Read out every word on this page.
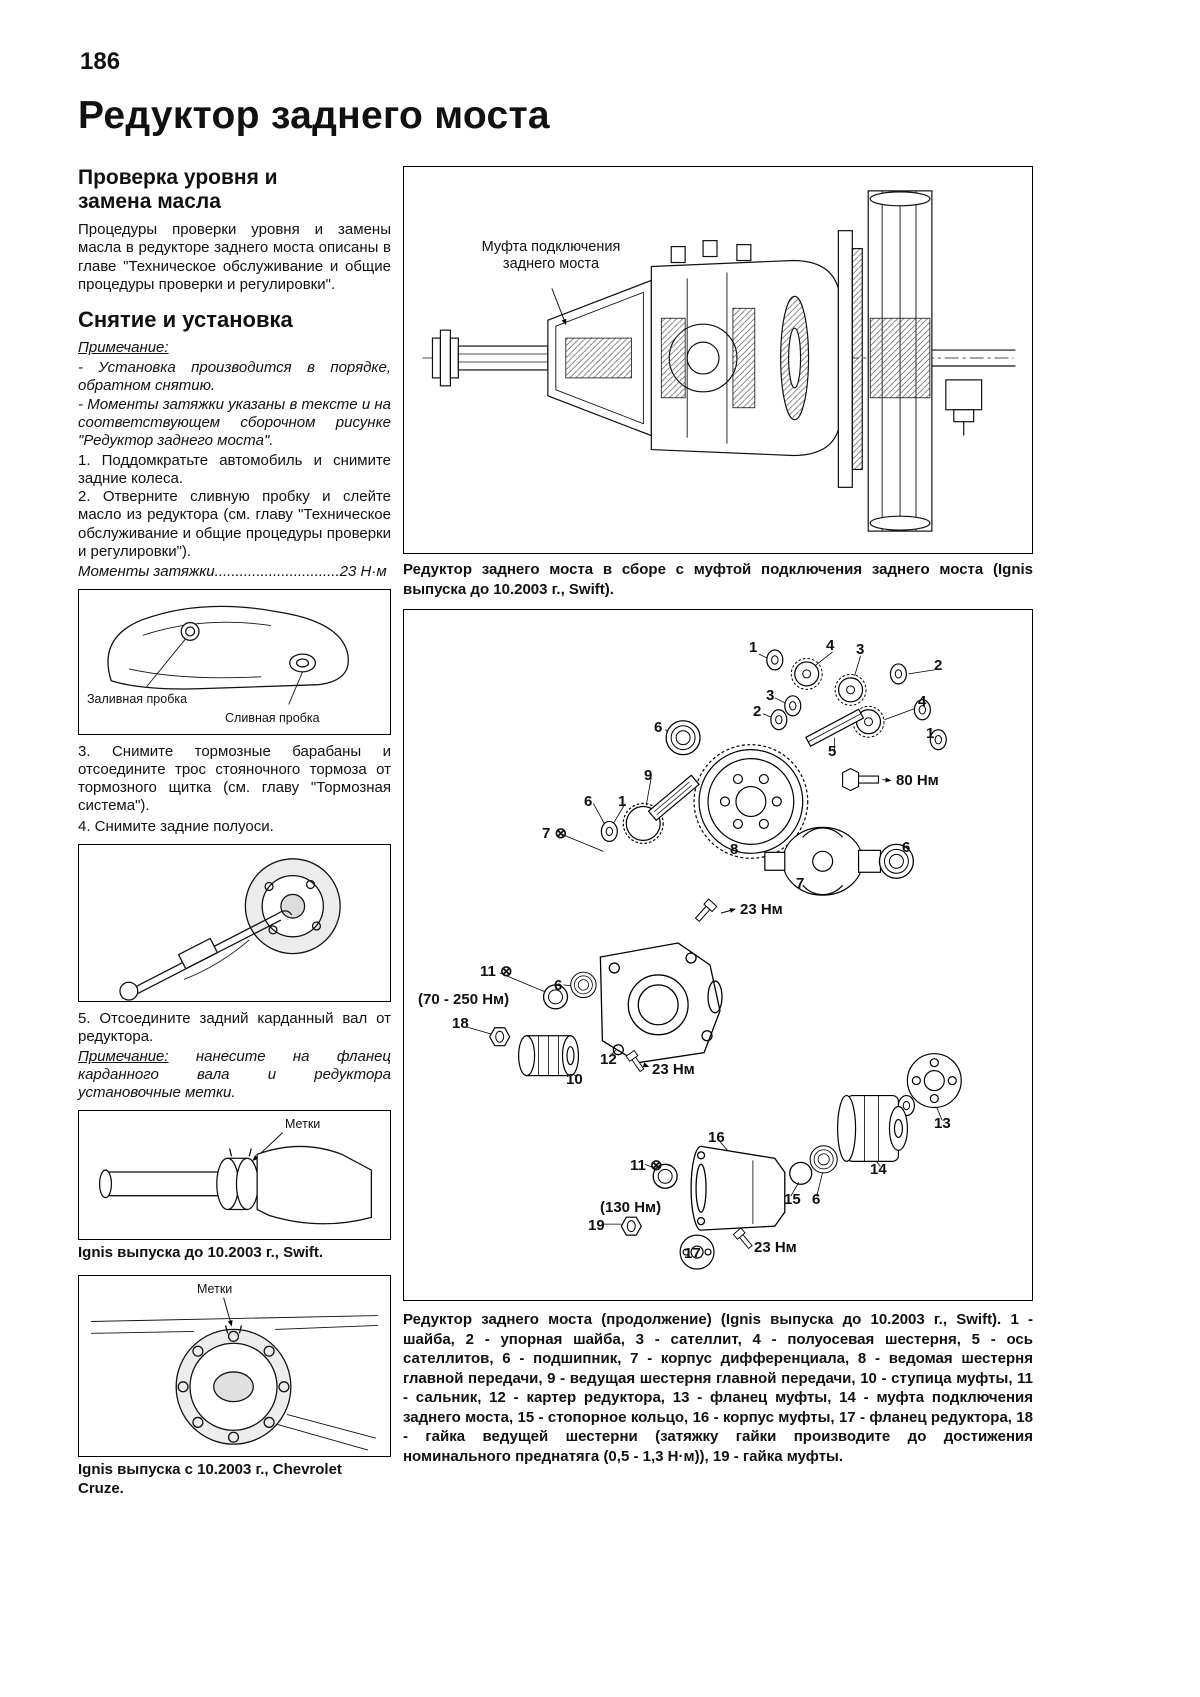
186
Редуктор заднего моста
Проверка уровня и замена масла

Процедуры проверки уровня и замены масла в редукторе заднего моста описаны в главе "Техническое обслуживание и общие процедуры проверки и регулировки".

Снятие и установка

Примечание:

- Установка производится в порядке, обратном снятию.

- Моменты затяжки указаны в тексте и на соответствующем сборочном рисунке "Редуктор заднего моста".

1. Поддомкратьте автомобиль и снимите задние колеса.

2. Отверните сливную пробку и слейте масло из редуктора (см. главу "Техническое обслуживание и общие процедуры проверки и регулировки").

Моменты затяжки..............................23 Н·м

Заливная пробка
Сливная пробка

3. Снимите тормозные барабаны и отсоедините трос стояночного тормоза от тормозного щитка (см. главу "Тормозная система").

4. Снимите задние полуоси.

5. Отсоедините задний карданный вал от редуктора.

Примечание: нанесите на фланец карданного вала и редуктора установочные метки.

Метки

Ignis выпуска до 10.2003 г., Swift.

Метки

Ignis выпуска с 10.2003 г., Chevrolet Cruze.

Муфта подключения заднего моста

Редуктор заднего моста в сборе с муфтой подключения заднего моста (Ignis выпуска до 10.2003 г., Swift).

1	4 3
2
3
2
4
1
6
5
80 Нм
9
6 1
7 ⊗
8	6
7
23 Нм
11 ⊗
6
(70 - 250 Нм)
18
12
10
23 Нм
13
16
14
11 ⊗
15 6
(130 Нм)
19
17	23 Нм

Редуктор заднего моста (продолжение) (Ignis выпуска до 10.2003 г., Swift). 1 - шайба, 2 - упорная шайба, 3 - сателлит, 4 - полуосевая шестерня, 5 - ось сателлитов, 6 - подшипник, 7 - корпус дифференциала, 8 - ведомая шестерня главной передачи, 9 - ведущая шестерня главной передачи, 10 - ступица муфты, 11 - сальник, 12 - картер редуктора, 13 - фланец муфты, 14 - муфта подключения заднего моста, 15 - стопорное кольцо, 16 - корпус муфты, 17 - фланец редуктора, 18 - гайка ведущей шестерни (затяжку гайки производите до достижения номинального преднатяга (0,5 - 1,3 Н·м)), 19 - гайка муфты.
